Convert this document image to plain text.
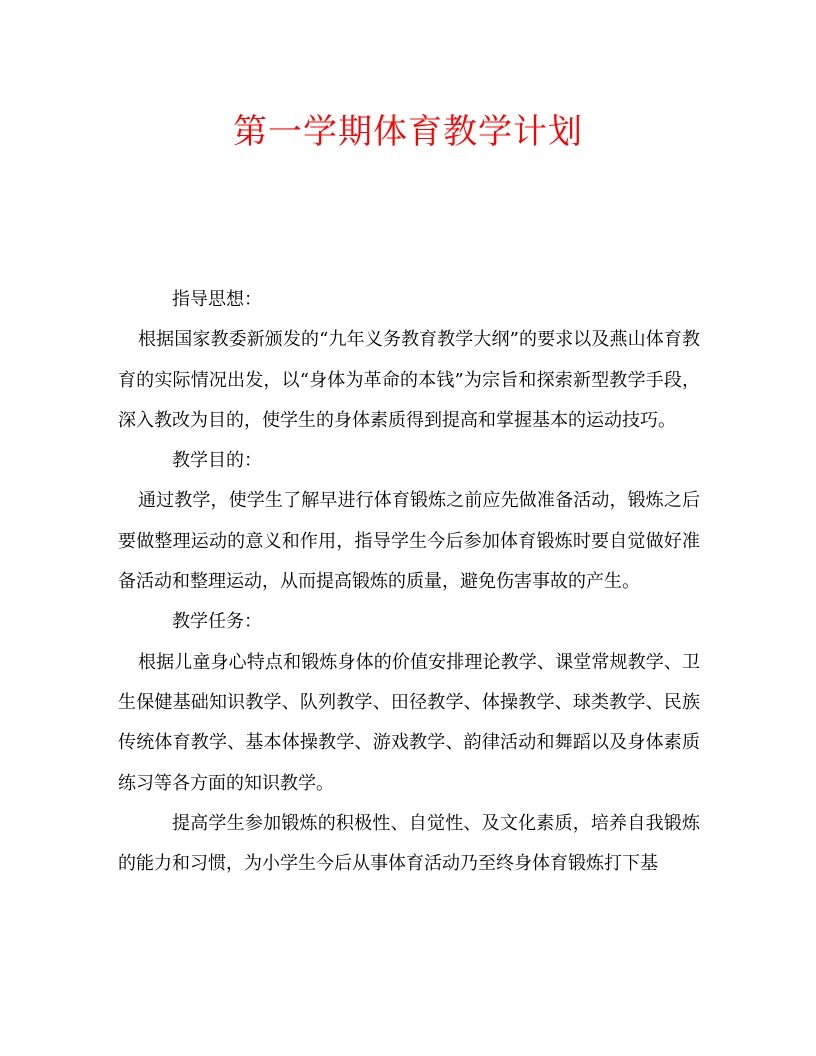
第一学期体育教学计划

指导思想：

根据国家教委新颁发的“九年义务教育教学大纲”的要求以及燕山体育教育的实际情况出发，以“身体为革命的本钱”为宗旨和探索新型教学手段，深入教改为目的，使学生的身体素质得到提高和掌握基本的运动技巧。

教学目的：

通过教学，使学生了解早进行体育锻炼之前应先做准备活动，锻炼之后要做整理运动的意义和作用，指导学生今后参加体育锻炼时要自觉做好准备活动和整理运动，从而提高锻炼的质量，避免伤害事故的产生。

教学任务：

根据儿童身心特点和锻炼身体的价值安排理论教学、课堂常规教学、卫生保健基础知识教学、队列教学、田径教学、体操教学、球类教学、民族传统体育教学、基本体操教学、游戏教学、韵律活动和舞蹈以及身体素质练习等各方面的知识教学。

提高学生参加锻炼的积极性、自觉性、及文化素质，培养自我锻炼的能力和习惯，为小学生今后从事体育活动乃至终身体育锻炼打下基
